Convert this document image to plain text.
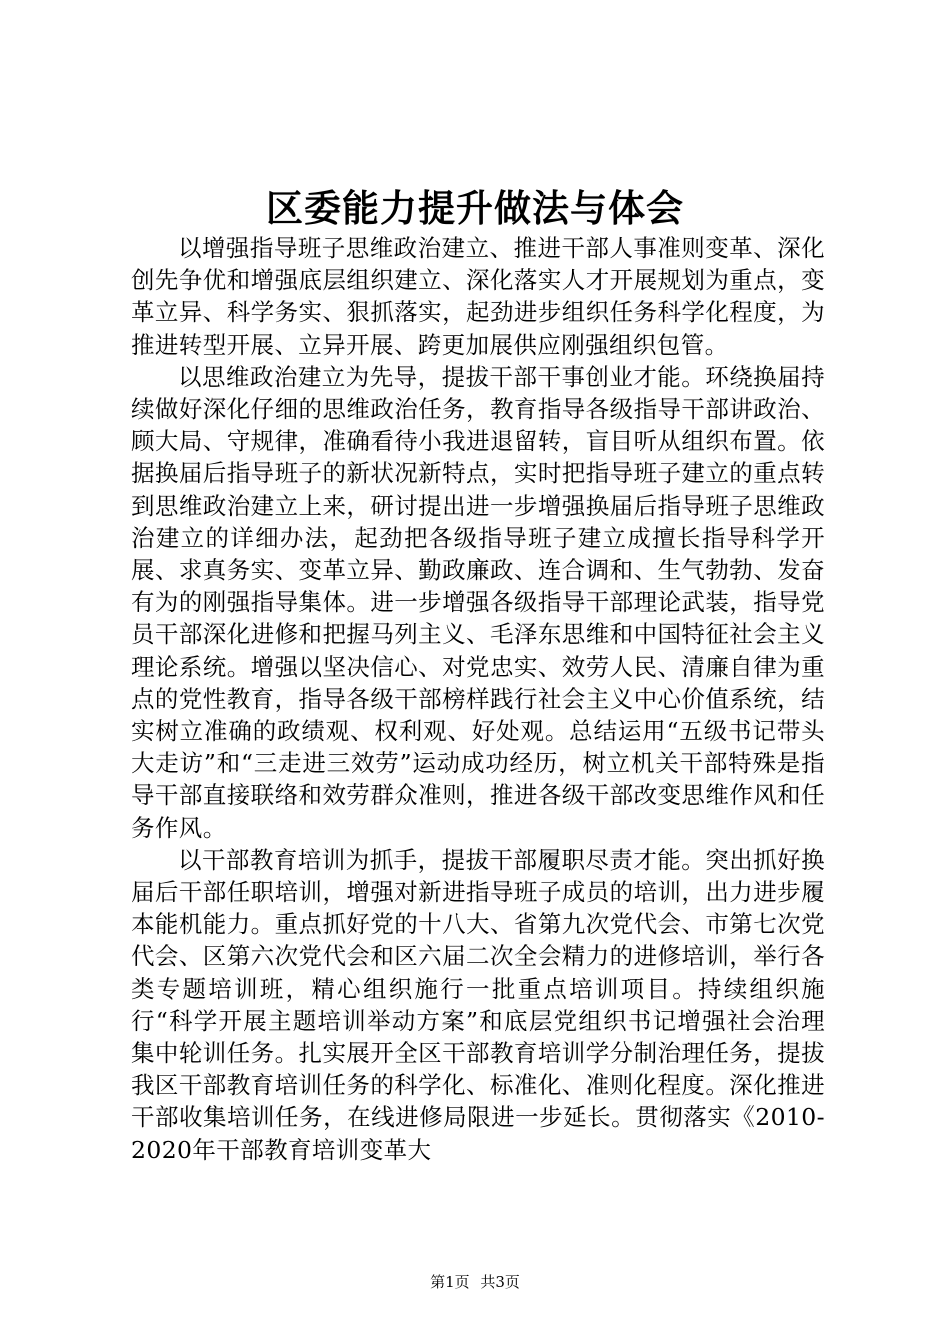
区委能力提升做法与体会

以增强指导班子思维政治建立、推进干部人事准则变革、深化创先争优和增强底层组织建立、深化落实人才开展规划为重点，变革立异、科学务实、狠抓落实，起劲进步组织任务科学化程度，为推进转型开展、立异开展、跨更加展供应刚强组织包管。

以思维政治建立为先导，提拔干部干事创业才能。环绕换届持续做好深化仔细的思维政治任务，教育指导各级指导干部讲政治、顾大局、守规律，准确看待小我进退留转，盲目听从组织布置。依据换届后指导班子的新状况新特点，实时把指导班子建立的重点转到思维政治建立上来，研讨提出进一步增强换届后指导班子思维政治建立的详细办法，起劲把各级指导班子建立成擅长指导科学开展、求真务实、变革立异、勤政廉政、连合调和、生气勃勃、发奋有为的刚强指导集体。进一步增强各级指导干部理论武装，指导党员干部深化进修和把握马列主义、毛泽东思维和中国特征社会主义理论系统。增强以坚决信心、对党忠实、效劳人民、清廉自律为重点的党性教育，指导各级干部榜样践行社会主义中心价值系统，结实树立准确的政绩观、权利观、好处观。总结运用“五级书记带头大走访”和“三走进三效劳”运动成功经历，树立机关干部特殊是指导干部直接联络和效劳群众准则，推进各级干部改变思维作风和任务作风。

以干部教育培训为抓手，提拔干部履职尽责才能。突出抓好换届后干部任职培训，增强对新进指导班子成员的培训，出力进步履本能机能力。重点抓好党的十八大、省第九次党代会、市第七次党代会、区第六次党代会和区六届二次全会精力的进修培训，举行各类专题培训班，精心组织施行一批重点培训项目。持续组织施行“科学开展主题培训举动方案”和底层党组织书记增强社会治理集中轮训任务。扎实展开全区干部教育培训学分制治理任务，提拔我区干部教育培训任务的科学化、标准化、准则化程度。深化推进干部收集培训任务，在线进修局限进一步延长。贯彻落实《2010-2020年干部教育培训变革大

第1页 共3页
